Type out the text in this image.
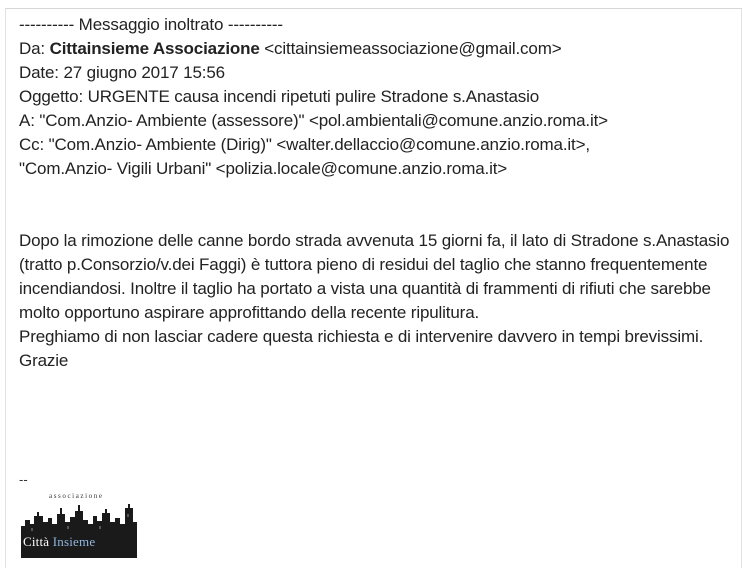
---------- Messaggio inoltrato ----------
Da: Cittainsieme Associazione <cittainsiemeassociazione@gmail.com>
Date: 27 giugno 2017 15:56
Oggetto: URGENTE causa incendi ripetuti pulire Stradone s.Anastasio
A: "Com.Anzio- Ambiente (assessore)" <pol.ambientali@comune.anzio.roma.it>
Cc: "Com.Anzio- Ambiente (Dirig)" <walter.dellaccio@comune.anzio.roma.it>,
"Com.Anzio- Vigili Urbani" <polizia.locale@comune.anzio.roma.it>

Dopo la rimozione delle canne bordo strada avvenuta 15 giorni fa, il lato di Stradone s.Anastasio (tratto p.Consorzio/v.dei Faggi) è tuttora pieno di residui del taglio che stanno frequentemente incendiandosi. Inoltre il taglio ha portato a vista una quantità di frammenti di rifiuti che sarebbe molto opportuno aspirare approfittando della recente ripulitura.

Preghiamo di non lasciar cadere questa richiesta e di intervenire davvero in tempi brevissimi.

Grazie

--
associazione
Città Insieme
